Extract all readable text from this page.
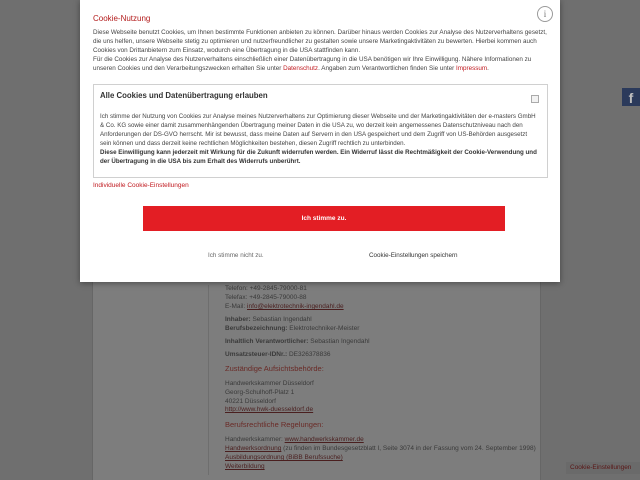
Telefon: +49-2845-79000-81
Telefax: +49-2845-79000-88
E-Mail: info@elektrotechnik-ingendahl.de
Inhaber: Sebastian Ingendahl
Berufsbezeichnung: Elektrotechniker-Meister
Inhaltlich Verantwortlicher: Sebastian Ingendahl
Umsatzsteuer-IDNr.: DE326378836
Zuständige Aufsichtsbehörde:
Handwerkskammer Düsseldorf
Georg-Schulhoff-Platz 1
40221 Düsseldorf
http://www.hwk-duesseldorf.de
Berufsrechtliche Regelungen:
Handwerkskammer: www.handwerkskammer.de
Handwerksordnung (zu finden im Bundesgesetzblatt I, Seite 3074 in der Fassung vom 24. September 1998)
Ausbildungsordnung (BiBB Berufssuche)
Weiterbildung
f
Cookie-Einstellungen
Cookie-Nutzung	i
Diese Webseite benutzt Cookies, um Ihnen bestimmte Funktionen anbieten zu können. Darüber hinaus werden Cookies zur Analyse des Nutzerverhaltens gesetzt, die uns helfen, unsere Webseite stetig zu optimieren und nutzerfreundlicher zu gestalten sowie unsere Marketingaktivitäten zu bewerten. Hierbei kommen auch Cookies von Drittanbietern zum Einsatz, wodurch eine Übertragung in die USA stattfinden kann.
Für die Cookies zur Analyse des Nutzerverhaltens einschließlich einer Datenübertragung in die USA benötigen wir Ihre Einwilligung. Nähere Informationen zu unseren Cookies und den Verarbeitungszwecken erhalten Sie unter Datenschutz. Angaben zum Verantwortlichen finden Sie unter Impressum.
Alle Cookies und Datenübertragung erlauben
Ich stimme der Nutzung von Cookies zur Analyse meines Nutzerverhaltens zur Optimierung dieser Webseite und der Marketingaktivitäten der e-masters GmbH & Co. KG sowie einer damit zusammenhängenden Übertragung meiner Daten in die USA zu, wo derzeit kein angemessenes Datenschutzniveau nach den Anforderungen der DS-GVO herrscht. Mir ist bewusst, dass meine Daten auf Servern in den USA gespeichert und dem Zugriff von US-Behörden ausgesetzt sein können und dass derzeit keine rechtlichen Möglichkeiten bestehen, diesen Zugriff rechtlich zu unterbinden.
Diese Einwilligung kann jederzeit mit Wirkung für die Zukunft widerrufen werden. Ein Widerruf lässt die Rechtmäßigkeit der Cookie-Verwendung und der Übertragung in die USA bis zum Erhalt des Widerrufs unberührt.
Individuelle Cookie-Einstellungen
Ich stimme zu.
Ich stimme nicht zu.	Cookie-Einstellungen speichern
